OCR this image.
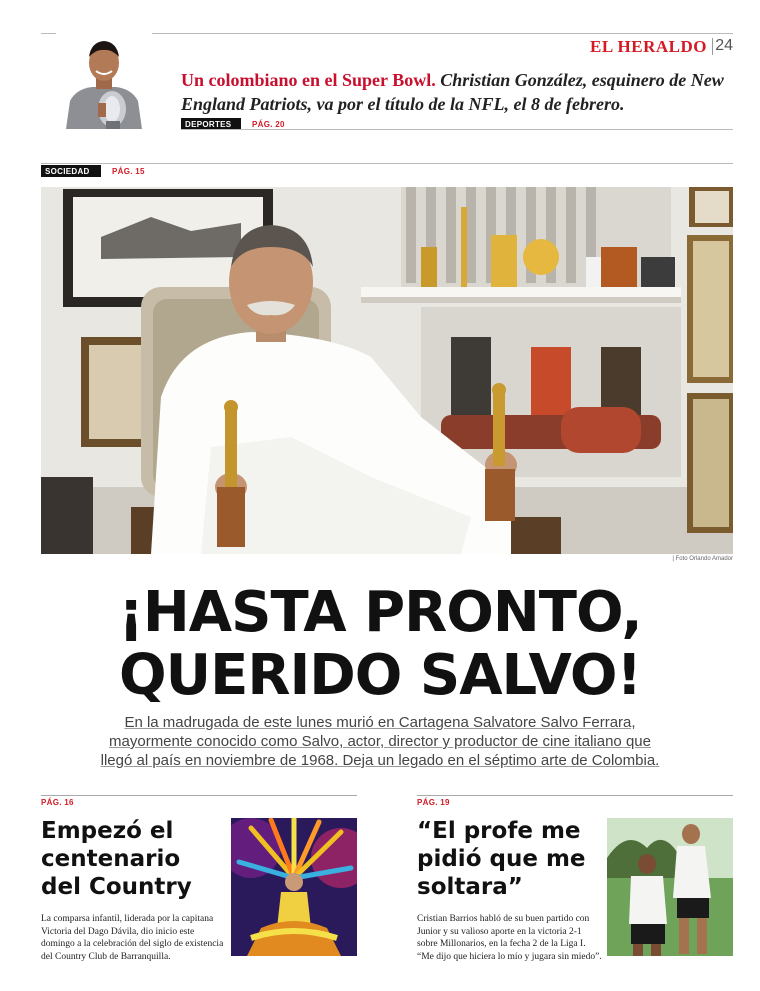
EL HERALDO 24
Un colombiano en el Super Bowl. Christian González, esquinero de New England Patriots, va por el título de la NFL, el 8 de febrero.
DEPORTES	PÁG. 20
SOCIEDAD	PÁG. 15
| Foto Orlando Amador
¡HASTA PRONTO,
QUERIDO SALVO!
En la madrugada de este lunes murió en Cartagena Salvatore Salvo Ferrara, mayormente conocido como Salvo, actor, director y productor de cine italiano que llegó al país en noviembre de 1968. Deja un legado en el séptimo arte de Colombia.
PÁG. 16
Empezó el centenario del Country
La comparsa infantil, liderada por la capitana Victoria del Dago Dávila, dio inicio este domingo a la celebración del siglo de existencia del Country Club de Barranquilla.
PÁG. 19
“El profe me pidió que me soltara”
Cristian Barrios habló de su buen partido con Junior y su valioso aporte en la victoria 2-1 sobre Millonarios, en la fecha 2 de la Liga I. “Me dijo que hiciera lo mío y jugara sin miedo”.
